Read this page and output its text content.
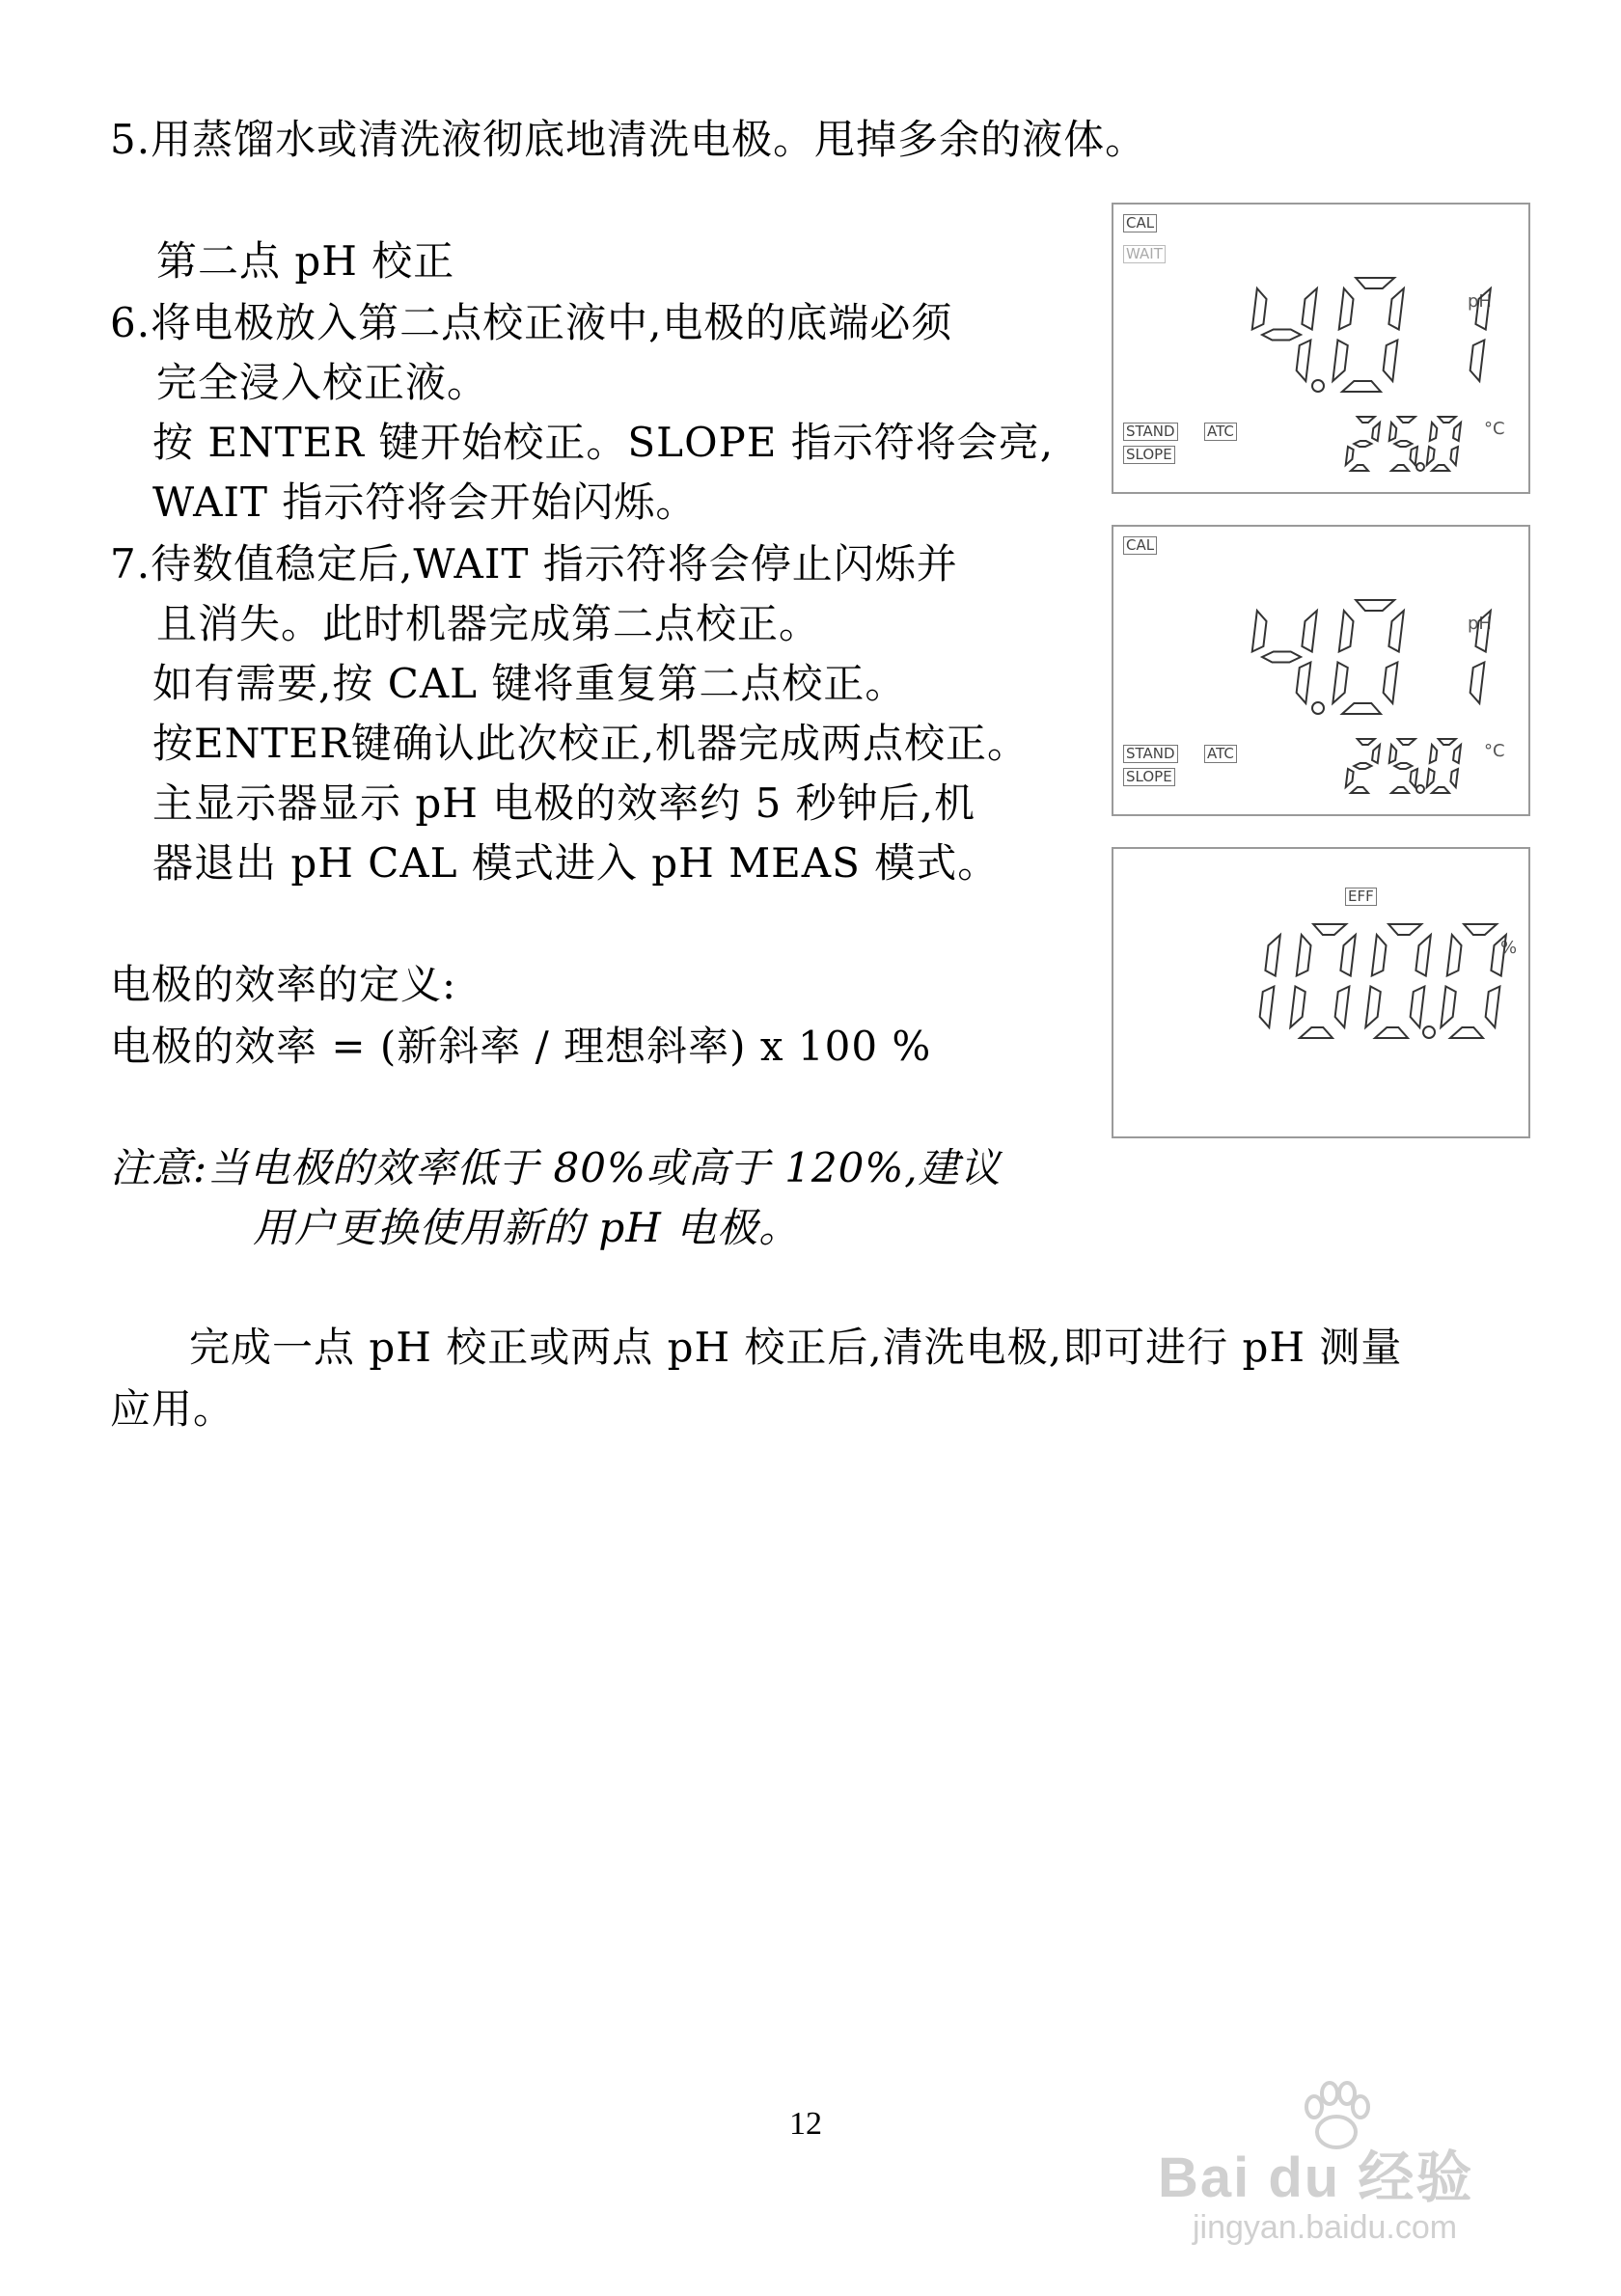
5.用蒸馏水或清洗液彻底地清洗电极。甩掉多余的液体。
第二点 pH 校正
6.将电极放入第二点校正液中,电极的底端必须
完全浸入校正液。
按 ENTER 键开始校正。SLOPE 指示符将会亮,
WAIT 指示符将会开始闪烁。
7.待数值稳定后,WAIT 指示符将会停止闪烁并
且消失。此时机器完成第二点校正。
如有需要,按 CAL 键将重复第二点校正。
按ENTER键确认此次校正,机器完成两点校正。
主显示器显示 pH 电极的效率约 5 秒钟后,机
器退出 pH CAL 模式进入 pH MEAS 模式。
电极的效率的定义:
电极的效率 = (新斜率 / 理想斜率) x 100 %
注意:当电极的效率低于 80%或高于 120%,建议
用户更换使用新的 pH 电极。
完成一点 pH 校正或两点 pH 校正后,清洗电极,即可进行 pH 测量
应用。
CAL
WAIT
STAND ATC
SLOPE
pH
°C
CAL
STAND ATC
SLOPE
pH
°C
EFF
%
12
Bai du 经验
jingyan.baidu.com
